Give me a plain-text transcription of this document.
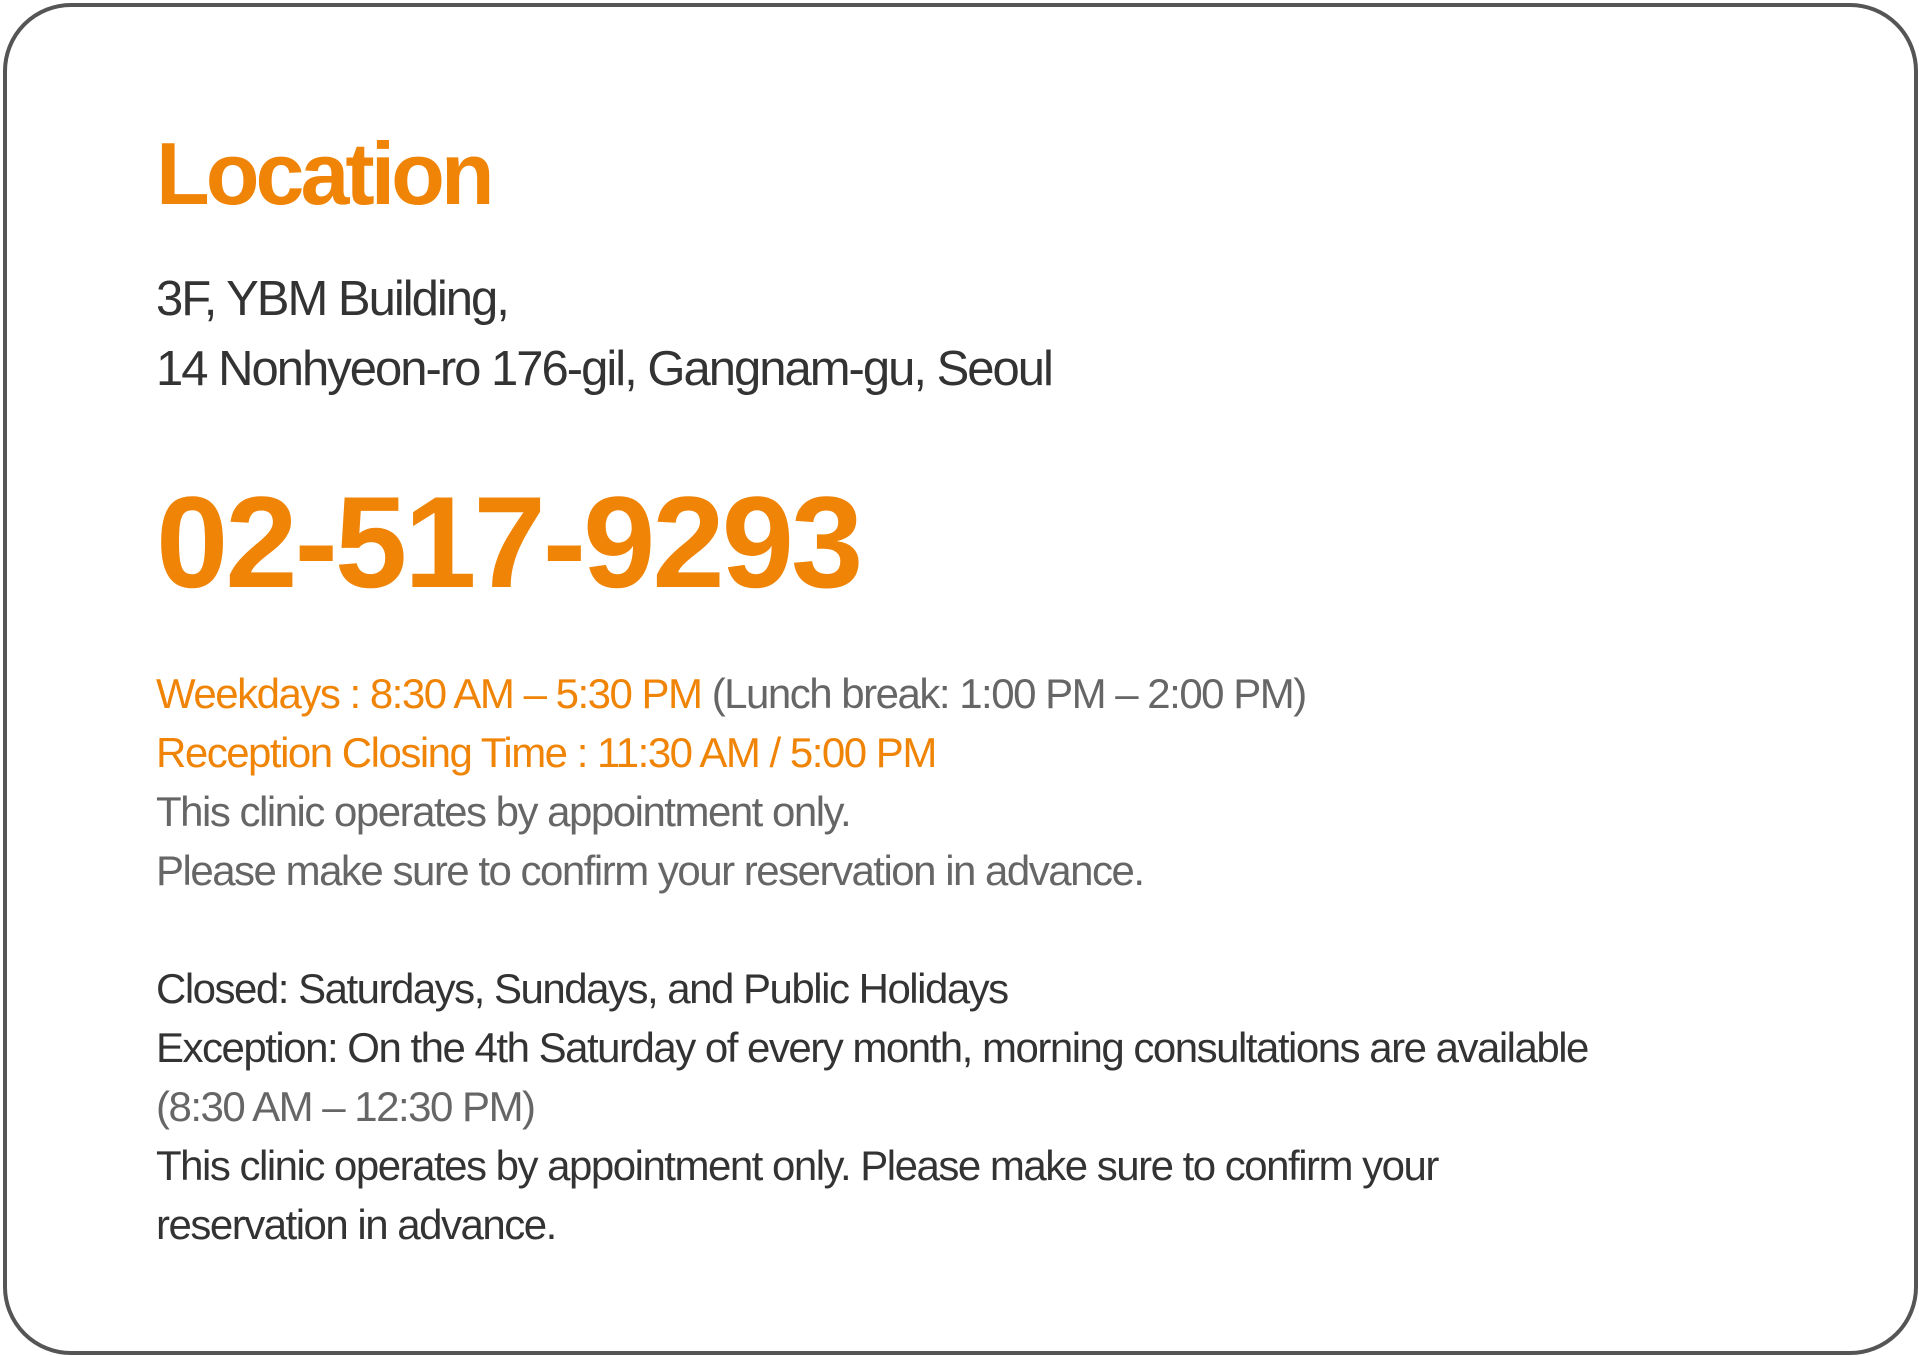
Location
3F, YBM Building,
14 Nonhyeon-ro 176-gil, Gangnam-gu, Seoul
02-517-9293
Weekdays : 8:30 AM – 5:30 PM (Lunch break: 1:00 PM – 2:00 PM)
Reception Closing Time : 11:30 AM / 5:00 PM
This clinic operates by appointment only.
Please make sure to confirm your reservation in advance.
Closed: Saturdays, Sundays, and Public Holidays
Exception: On the 4th Saturday of every month, morning consultations are available
(8:30 AM – 12:30 PM)
This clinic operates by appointment only. Please make sure to confirm your
reservation in advance.
